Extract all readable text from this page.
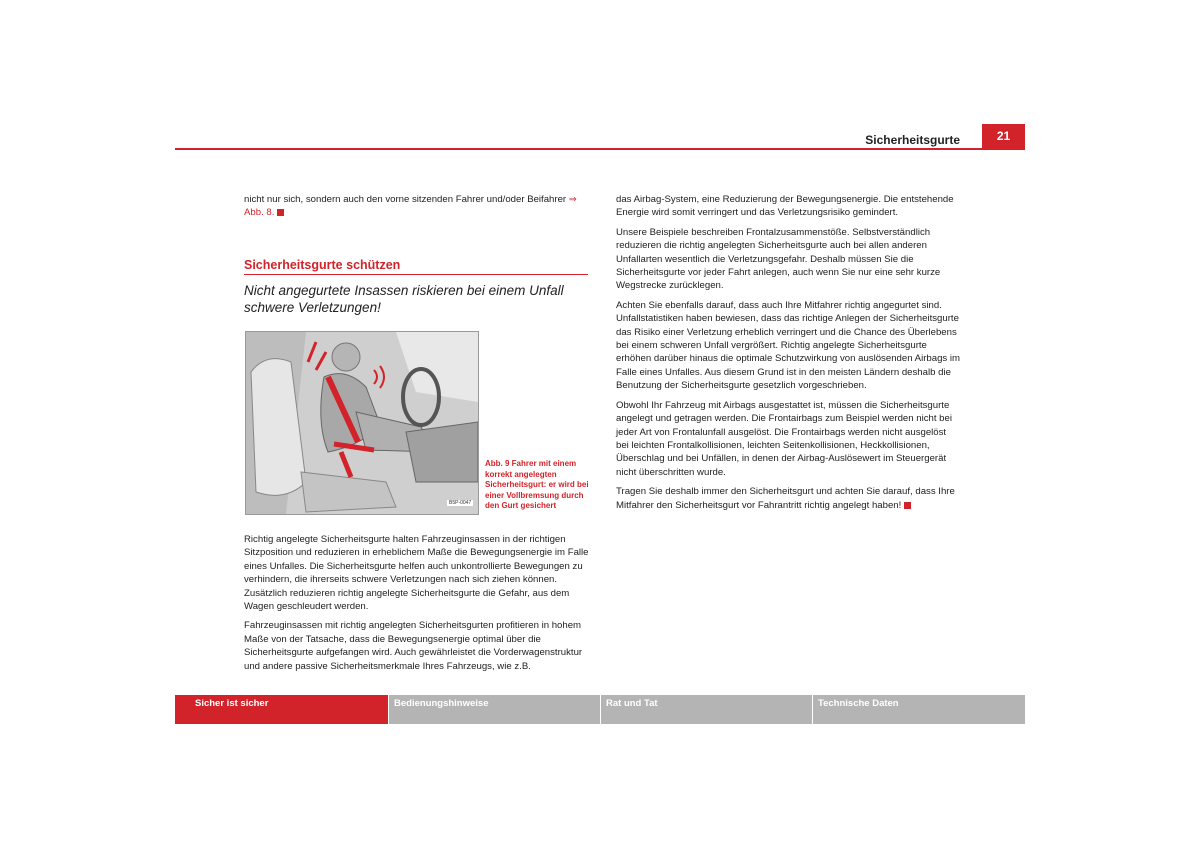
Sicherheitsgurte	21

nicht nur sich, sondern auch den vorne sitzenden Fahrer und/oder Beifahrer ⇒ Abb. 8.

Sicherheitsgurte schützen
Nicht angegurtete Insassen riskieren bei einem Unfall schwere Verletzungen!
B5P-0047
Abb. 9 Fahrer mit einem korrekt angelegten Sicherheitsgurt: er wird bei einer Vollbremsung durch den Gurt gesichert

Richtig angelegte Sicherheitsgurte halten Fahrzeuginsassen in der richtigen Sitzposition und reduzieren in erheblichem Maße die Bewegungsenergie im Falle eines Unfalles. Die Sicherheitsgurte helfen auch unkontrollierte Bewegungen zu verhindern, die ihrerseits schwere Verletzungen nach sich ziehen können. Zusätzlich reduzieren richtig angelegte Sicherheitsgurte die Gefahr, aus dem Wagen geschleudert werden.

Fahrzeuginsassen mit richtig angelegten Sicherheitsgurten profitieren in hohem Maße von der Tatsache, dass die Bewegungsenergie optimal über die Sicherheitsgurte aufgefangen wird. Auch gewährleistet die Vorderwagenstruktur und andere passive Sicherheitsmerkmale Ihres Fahrzeugs, wie z.B.

das Airbag-System, eine Reduzierung der Bewegungsenergie. Die entstehende Energie wird somit verringert und das Verletzungsrisiko gemindert.

Unsere Beispiele beschreiben Frontalzusammenstöße. Selbstverständlich reduzieren die richtig angelegten Sicherheitsgurte auch bei allen anderen Unfallarten wesentlich die Verletzungsgefahr. Deshalb müssen Sie die Sicherheitsgurte vor jeder Fahrt anlegen, auch wenn Sie nur eine sehr kurze Wegstrecke zurücklegen.

Achten Sie ebenfalls darauf, dass auch Ihre Mitfahrer richtig angegurtet sind. Unfallstatistiken haben bewiesen, dass das richtige Anlegen der Sicherheitsgurte das Risiko einer Verletzung erheblich verringert und die Chance des Überlebens bei einem schweren Unfall vergrößert. Richtig angelegte Sicherheitsgurte erhöhen darüber hinaus die optimale Schutzwirkung von auslösenden Airbags im Falle eines Unfalles. Aus diesem Grund ist in den meisten Ländern deshalb die Benutzung der Sicherheitsgurte gesetzlich vorgeschrieben.

Obwohl Ihr Fahrzeug mit Airbags ausgestattet ist, müssen die Sicherheitsgurte angelegt und getragen werden. Die Frontairbags zum Beispiel werden nicht bei jeder Art von Frontalunfall ausgelöst. Die Frontairbags werden nicht ausgelöst bei leichten Frontalkollisionen, leichten Seitenkollisionen, Heckkollisionen, Überschlag und bei Unfällen, in denen der Airbag-Auslösewert im Steuergerät nicht überschritten wurde.

Tragen Sie deshalb immer den Sicherheitsgurt und achten Sie darauf, dass Ihre Mitfahrer den Sicherheitsgurt vor Fahrantritt richtig angelegt haben!

Sicher ist sicher	Bedienungshinweise	Rat und Tat	Technische Daten
